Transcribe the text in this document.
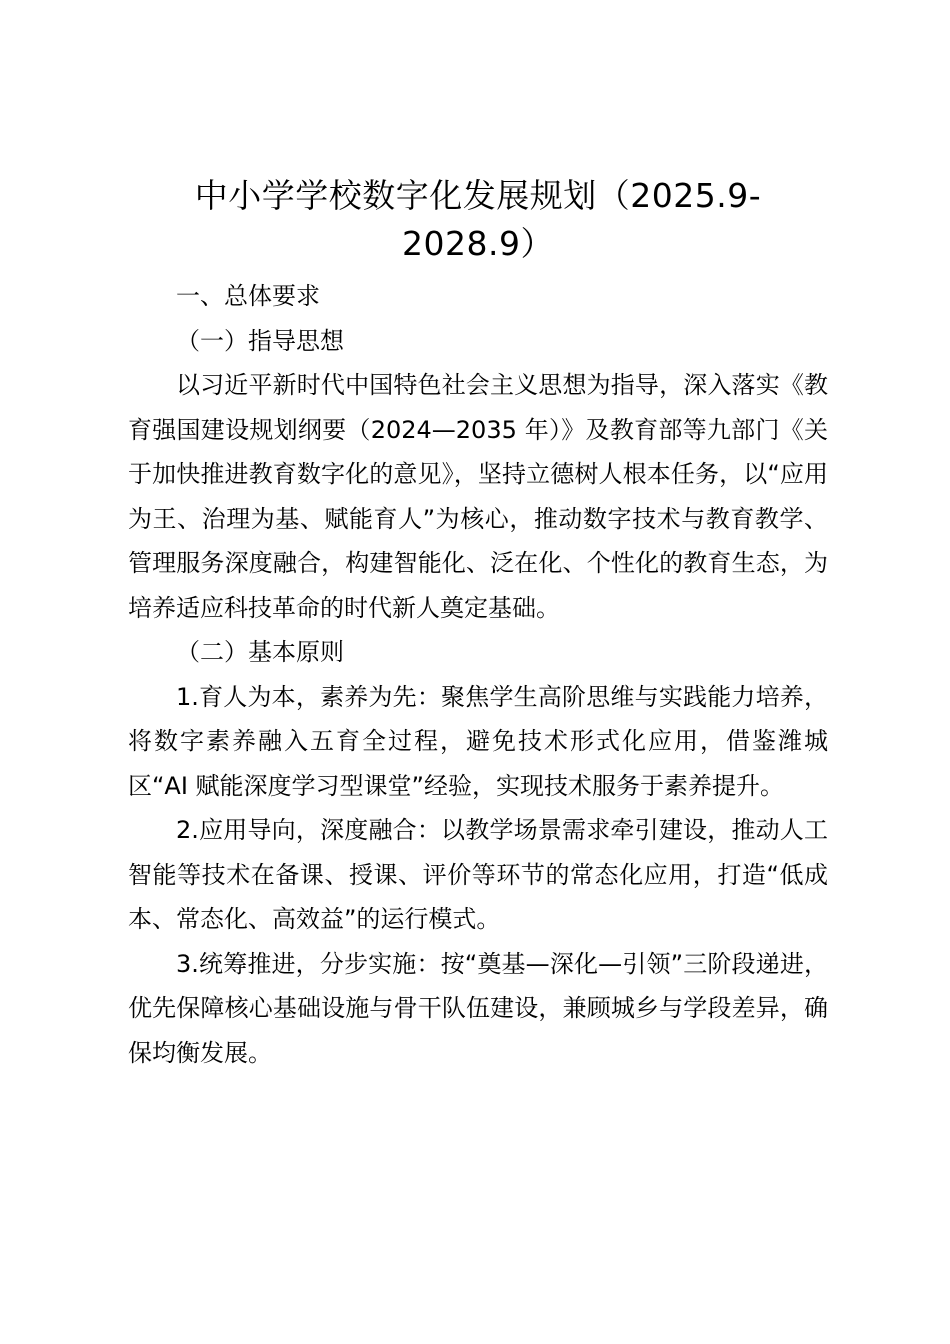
中小学学校数字化发展规划（2025.9-
2028.9）

一、总体要求

（一）指导思想

以习近平新时代中国特色社会主义思想为指导，深入落实《教育强国建设规划纲要（2024—2035 年）》及教育部等九部门《关于加快推进教育数字化的意见》，坚持立德树人根本任务，以“应用为王、治理为基、赋能育人”为核心，推动数字技术与教育教学、管理服务深度融合，构建智能化、泛在化、个性化的教育生态，为培养适应科技革命的时代新人奠定基础。

（二）基本原则

1.育人为本，素养为先：聚焦学生高阶思维与实践能力培养，将数字素养融入五育全过程，避免技术形式化应用，借鉴潍城区“AI 赋能深度学习型课堂”经验，实现技术服务于素养提升。

2.应用导向，深度融合：以教学场景需求牵引建设，推动人工智能等技术在备课、授课、评价等环节的常态化应用，打造“低成本、常态化、高效益”的运行模式。

3.统筹推进，分步实施：按“奠基—深化—引领”三阶段递进，优先保障核心基础设施与骨干队伍建设，兼顾城乡与学段差异，确保均衡发展。
